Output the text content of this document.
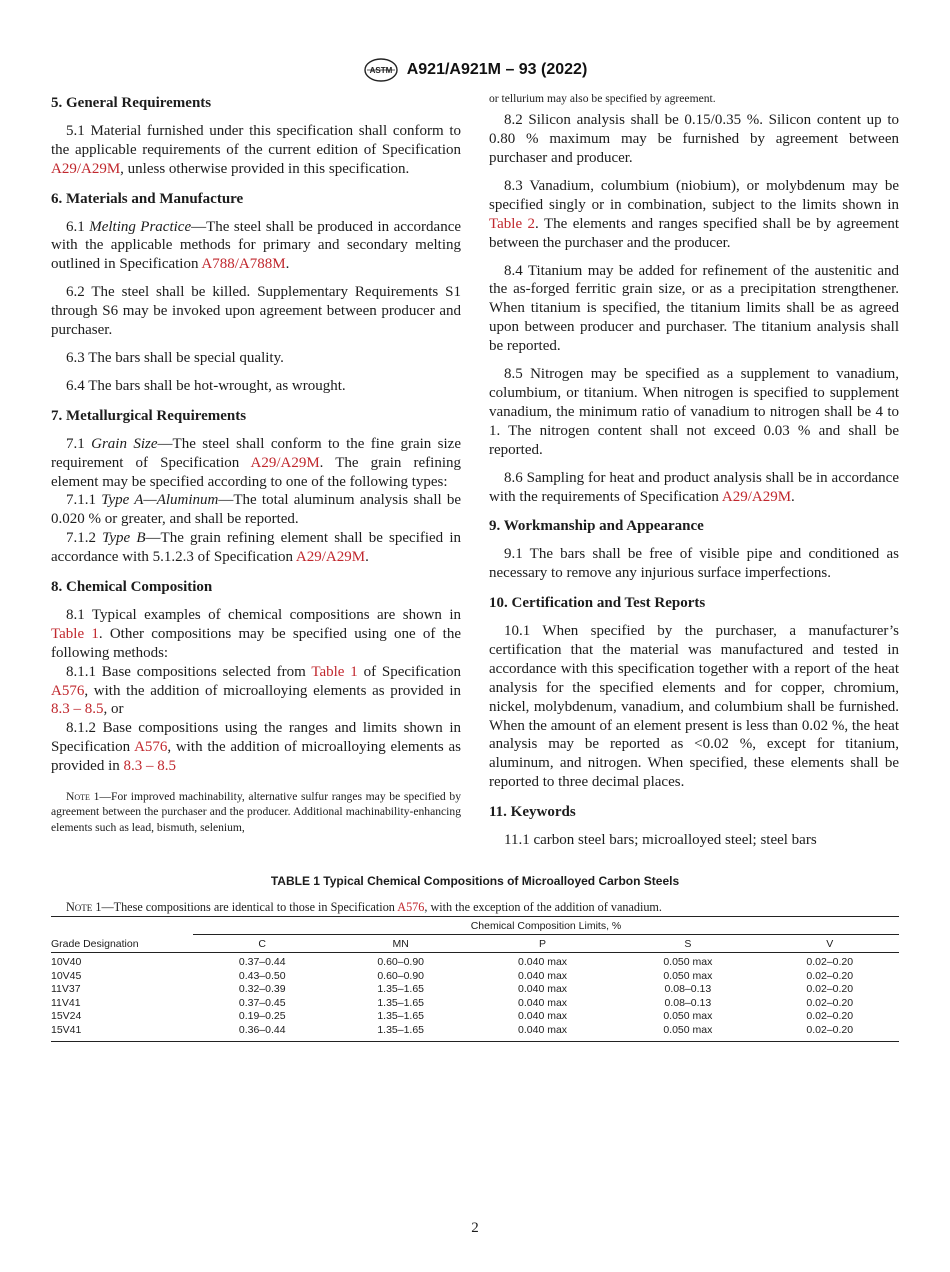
ASTM A921/A921M – 93 (2022)
5. General Requirements

5.1 Material furnished under this specification shall conform to the applicable requirements of the current edition of Specification A29/A29M, unless otherwise provided in this specification.

6. Materials and Manufacture

6.1 Melting Practice—The steel shall be produced in accordance with the applicable methods for primary and secondary melting outlined in Specification A788/A788M.

6.2 The steel shall be killed. Supplementary Requirements S1 through S6 may be invoked upon agreement between producer and purchaser.

6.3 The bars shall be special quality.

6.4 The bars shall be hot-wrought, as wrought.

7. Metallurgical Requirements

7.1 Grain Size—The steel shall conform to the fine grain size requirement of Specification A29/A29M. The grain refining element may be specified according to one of the following types:

7.1.1 Type A—Aluminum—The total aluminum analysis shall be 0.020 % or greater, and shall be reported.

7.1.2 Type B—The grain refining element shall be specified in accordance with 5.1.2.3 of Specification A29/A29M.

8. Chemical Composition

8.1 Typical examples of chemical compositions are shown in Table 1. Other compositions may be specified using one of the following methods:

8.1.1 Base compositions selected from Table 1 of Specification A576, with the addition of microalloying elements as provided in 8.3 – 8.5, or

8.1.2 Base compositions using the ranges and limits shown in Specification A576, with the addition of microalloying elements as provided in 8.3 – 8.5

Note 1—For improved machinability, alternative sulfur ranges may be specified by agreement between the purchaser and the producer. Additional machinability-enhancing elements such as lead, bismuth, selenium,

or tellurium may also be specified by agreement.

8.2 Silicon analysis shall be 0.15/0.35 %. Silicon content up to 0.80 % maximum may be furnished by agreement between purchaser and producer.

8.3 Vanadium, columbium (niobium), or molybdenum may be specified singly or in combination, subject to the limits shown in Table 2. The elements and ranges specified shall be by agreement between the purchaser and the producer.

8.4 Titanium may be added for refinement of the austenitic and the as-forged ferritic grain size, or as a precipitation strengthener. When titanium is specified, the titanium limits shall be as agreed upon between producer and purchaser. The titanium analysis shall be reported.

8.5 Nitrogen may be specified as a supplement to vanadium, columbium, or titanium. When nitrogen is specified to supplement vanadium, the minimum ratio of vanadium to nitrogen shall be 4 to 1. The nitrogen content shall not exceed 0.03 % and shall be reported.

8.6 Sampling for heat and product analysis shall be in accordance with the requirements of Specification A29/A29M.

9. Workmanship and Appearance

9.1 The bars shall be free of visible pipe and conditioned as necessary to remove any injurious surface imperfections.

10. Certification and Test Reports

10.1 When specified by the purchaser, a manufacturer’s certification that the material was manufactured and tested in accordance with this specification together with a report of the heat analysis for the specified elements and for copper, chromium, nickel, molybdenum, vanadium, and columbium shall be furnished. When the amount of an element present is less than 0.02 %, the heat analysis may be reported as <0.02 %, except for titanium, aluminum, and nitrogen. When specified, these elements shall be reported to three decimal places.

11. Keywords

11.1 carbon steel bars; microalloyed steel; steel bars

TABLE 1 Typical Chemical Compositions of Microalloyed Carbon Steels
Note 1—These compositions are identical to those in Specification A576, with the exception of the addition of vanadium.
Grade Designation	Chemical Composition Limits, %				
	C	MN	P	S	V
10V40	0.37–0.44	0.60–0.90	0.040 max	0.050 max	0.02–0.20
10V45	0.43–0.50	0.60–0.90	0.040 max	0.050 max	0.02–0.20
11V37	0.32–0.39	1.35–1.65	0.040 max	0.08–0.13	0.02–0.20
11V41	0.37–0.45	1.35–1.65	0.040 max	0.08–0.13	0.02–0.20
15V24	0.19–0.25	1.35–1.65	0.040 max	0.050 max	0.02–0.20
15V41	0.36–0.44	1.35–1.65	0.040 max	0.050 max	0.02–0.20
2
